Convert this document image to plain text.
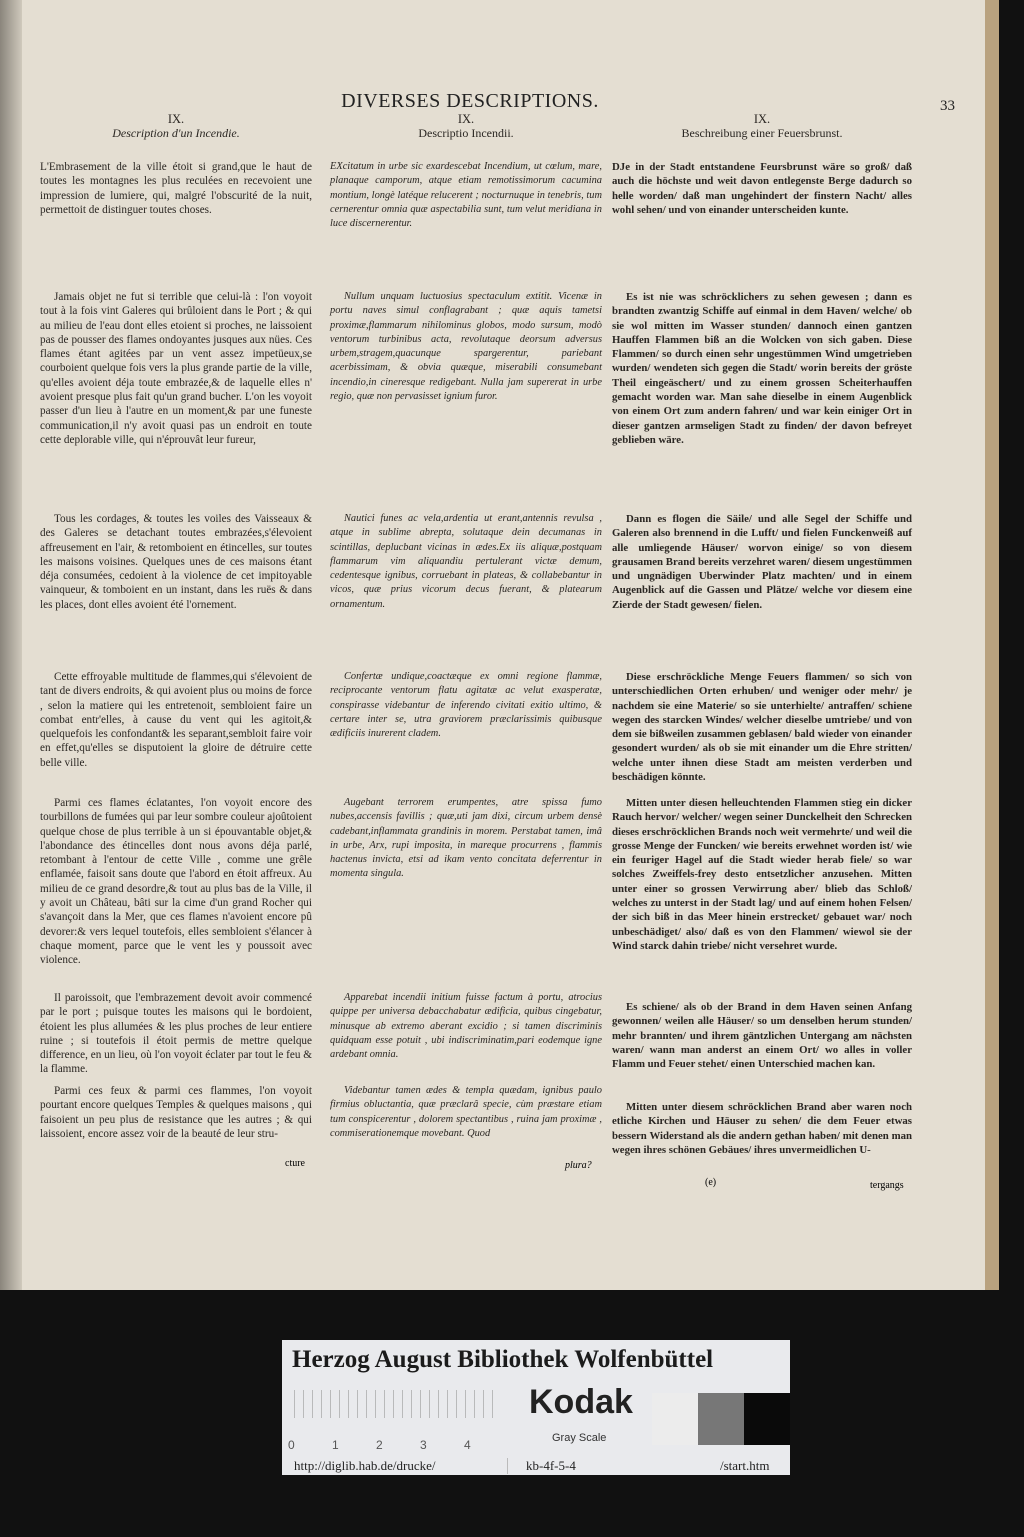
DIVERSES DESCRIPTIONS.	33
IX.
Description d'un Incendie.
L'Embrasement de la ville étoit si grand,que le haut de toutes les montagnes les plus reculées en recevoient une impression de lumiere, qui, malgré l'obscurité de la nuit, permettoit de distinguer toutes choses.
Jamais objet ne fut si terrible que celui-là : l'on voyoit tout à la fois vint Galeres qui brûloient dans le Port ; & qui au milieu de l'eau dont elles etoient si proches, ne laissoient pas de pousser des flames ondoyantes jusques aux nües. Ces flames étant agitées par un vent assez impetüeux,se courboient quelque fois vers la plus grande partie de la ville, qu'elles avoient déja toute embrazée,& de laquelle elles n' avoient presque plus fait qu'un grand bucher. L'on les voyoit passer d'un lieu à l'autre en un moment,& par une funeste communication,il n'y avoit quasi pas un endroit en toute cette deplorable ville, qui n'éprouvât leur fureur,
Tous les cordages, & toutes les voiles des Vaisseaux & des Galeres se detachant toutes embrazées,s'élevoient affreusement en l'air, & retomboient en étincelles, sur toutes les maisons voisines. Quelques unes de ces maisons étant déja consumées, cedoient à la violence de cet impitoyable vainqueur, & tomboient en un instant, dans les ruës & dans les places, dont elles avoient été l'ornement.
Cette effroyable multitude de flammes,qui s'élevoient de tant de divers endroits, & qui avoient plus ou moins de force , selon la matiere qui les entretenoit, sembloient faire un combat entr'elles, à cause du vent qui les agitoit,& quelquefois les confondant& les separant,sembloit faire voir en effet,qu'elles se disputoient la gloire de détruire cette belle ville.
Parmi ces flames éclatantes, l'on voyoit encore des tourbillons de fumées qui par leur sombre couleur ajoûtoient quelque chose de plus terrible à un si épouvantable objet,& l'abondance des étincelles dont nous avons déja parlé, retombant à l'entour de cette Ville , comme une grêle enflamée, faisoit sans doute que l'abord en étoit affreux. Au milieu de ce grand desordre,& tout au plus bas de la Ville, il y avoit un Château, bâti sur la cime d'un grand Rocher qui s'avançoit dans la Mer, que ces flames n'avoient encore pû devorer:& vers lequel toutefois, elles sembloient s'élancer à chaque moment, parce que le vent les y poussoit avec violence.
Il paroissoit, que l'embrazement devoit avoir commencé par le port ; puisque toutes les maisons qui le bordoient, étoient les plus allumées & les plus proches de leur entiere ruine ; si toutefois il étoit permis de mettre quelque difference, en un lieu, où l'on voyoit éclater par tout le feu & la flamme.
Parmi ces feux & parmi ces flammes, l'on voyoit pourtant encore quelques Temples & quelques maisons , qui faisoient un peu plus de resistance que les autres ; & qui laissoient, encore assez voir de la beauté de leur stru-
cture
IX.
Descriptio Incendii.
EXcitatum in urbe sic exardescebat Incendium, ut cœlum, mare, planaque camporum, atque etiam remotissimorum cacumina montium, longè latéque relucerent ; nocturnuque in tenebris, tum cernerentur omnia quæ aspectabilia sunt, tum velut meridiana in luce discernerentur.
Nullum unquam luctuosius spectaculum extitit. Vicenæ in portu naves simul conflagrabant ; quæ aquis tametsi proximæ,flammarum nihilominus globos, modo sursum, modò ventorum turbinibus acta, revolutaque deorsum adversus urbem,stragem,quacunque spargerentur, pariebant acerbissimam, & obvia quæque, miserabili consumebant incendio,in cineresque redigebant. Nulla jam supererat in urbe regio, quæ non pervasisset ignium furor.
Nautici funes ac vela,ardentia ut erant,antennis revulsa , atque in sublime abrepta, solutaque dein decumanas in scintillas, deplucbant vicinas in ædes.Ex iis aliquæ,postquam flammarum vim aliquandiu pertulerant victæ demum, cedentesque ignibus, corruebant in plateas, & collabebantur in vicos, quæ prius vicorum decus fuerant, & platearum ornamentum.
Confertæ undique,coactæque ex omni regione flammæ, reciprocante ventorum flatu agitatæ ac velut exasperatæ, conspirasse videbantur de inferendo civitati exitio ultimo, & certare inter se, utra graviorem præclarissimis quibusque ædificiis inurerent cladem.
Augebant terrorem erumpentes, atre spissa fumo nubes,accensis favillis ; quæ,uti jam dixi, circum urbem densè cadebant,inflammata grandinis in morem. Perstabat tamen, imâ in urbe, Arx, rupi imposita, in mareque procurrens , flammis hactenus invicta, etsi ad ikam vento concitata deferrentur in momenta singula.
Apparebat incendii initium fuisse factum à portu, atrocius quippe per universa debacchabatur ædificia, quibus cingebatur, minusque ab extremo aberant excidio ; si tamen discriminis quidquam esse potuit , ubi indiscriminatim,pari eodemque igne ardebant omnia.
Videbantur tamen ædes & templa quædam, ignibus paulo firmius obluctantia, quæ præclarâ specie, cùm præstare etiam tum conspicerentur , dolorem spectantibus , ruina jam proximæ , commiserationemque movebant. Quod
plura?
IX.
Beschreibung einer Feuersbrunst.
DJe in der Stadt entstandene Feursbrunst wäre so groß/ daß auch die höchste und weit davon entlegenste Berge dadurch so helle worden/ daß man ungehindert der finstern Nacht/ alles wohl sehen/ und von einander unterscheiden kunte.
Es ist nie was schröcklichers zu sehen gewesen ; dann es brandten zwantzig Schiffe auf einmal in dem Haven/ welche/ ob sie wol mitten im Wasser stunden/ dannoch einen gantzen Hauffen Flammen biß an die Wolcken von sich gaben. Diese Flammen/ so durch einen sehr ungestümmen Wind umgetrieben wurden/ wendeten sich gegen die Stadt/ worin bereits der gröste Theil eingeäschert/ und zu einem grossen Scheiterhauffen gemacht worden war. Man sahe dieselbe in einem Augenblick von einem Ort zum andern fahren/ und war kein einiger Ort in dieser gantzen armseligen Stadt zu finden/ der davon befreyet geblieben wäre.
Dann es flogen die Säile/ und alle Segel der Schiffe und Galeren also brennend in die Lufft/ und fielen Funckenweiß auf alle umliegende Häuser/ worvon einige/ so von diesem grausamen Brand bereits verzehret waren/ diesem ungestümmen und ungnädigen Uberwinder Platz machten/ und in einem Augenblick auf die Gassen und Plätze/ welche vor diesem eine Zierde der Stadt gewesen/ fielen.
Diese erschröckliche Menge Feuers flammen/ so sich von unterschiedlichen Orten erhuben/ und weniger oder mehr/ je nachdem sie eine Materie/ so sie unterhielte/ antraffen/ schiene wegen des starcken Windes/ welcher dieselbe umtriebe/ und von dem sie bißweilen zusammen geblasen/ bald wieder von einander gesondert wurden/ als ob sie mit einander um die Ehre stritten/ welche unter ihnen diese Stadt am meisten verderben und beschädigen könnte.
Mitten unter diesen helleuchtenden Flammen stieg ein dicker Rauch hervor/ welcher/ wegen seiner Dunckelheit den Schrecken dieses erschröcklichen Brands noch weit vermehrte/ und weil die grosse Menge der Funcken/ wie bereits erwehnet worden ist/ wie ein feuriger Hagel auf die Stadt wieder herab fiele/ so war solches Zweiffels-frey desto entsetzlicher anzusehen. Mitten unter einer so grossen Verwirrung aber/ blieb das Schloß/ welches zu unterst in der Stadt lag/ und auf einem hohen Felsen/ der sich biß in das Meer hinein erstrecket/ gebauet war/ noch unbeschädiget/ also/ daß es von den Flammen/ wiewol sie der Wind starck dahin triebe/ nicht versehret wurde.
Es schiene/ als ob der Brand in dem Haven seinen Anfang gewonnen/ weilen alle Häuser/ so um denselben herum stunden/ mehr brannten/ und ihrem gäntzlichen Untergang am nächsten waren/ wann man anderst an einem Ort/ wo alles in voller Flamm und Feuer stehet/ einen Unterschied machen kan.
Mitten unter diesem schröcklichen Brand aber waren noch etliche Kirchen und Häuser zu sehen/ die dem Feuer etwas bessern Widerstand als die andern gethan haben/ mit denen man wegen ihres schönen Gebäues/ ihres unvermeidlichen U-
(e)	tergangs
Herzog August Bibliothek Wolfenbüttel
0	1	2	3	4
Kodak
Gray Scale
http://diglib.hab.de/drucke/	kb-4f-5-4	/start.htm
